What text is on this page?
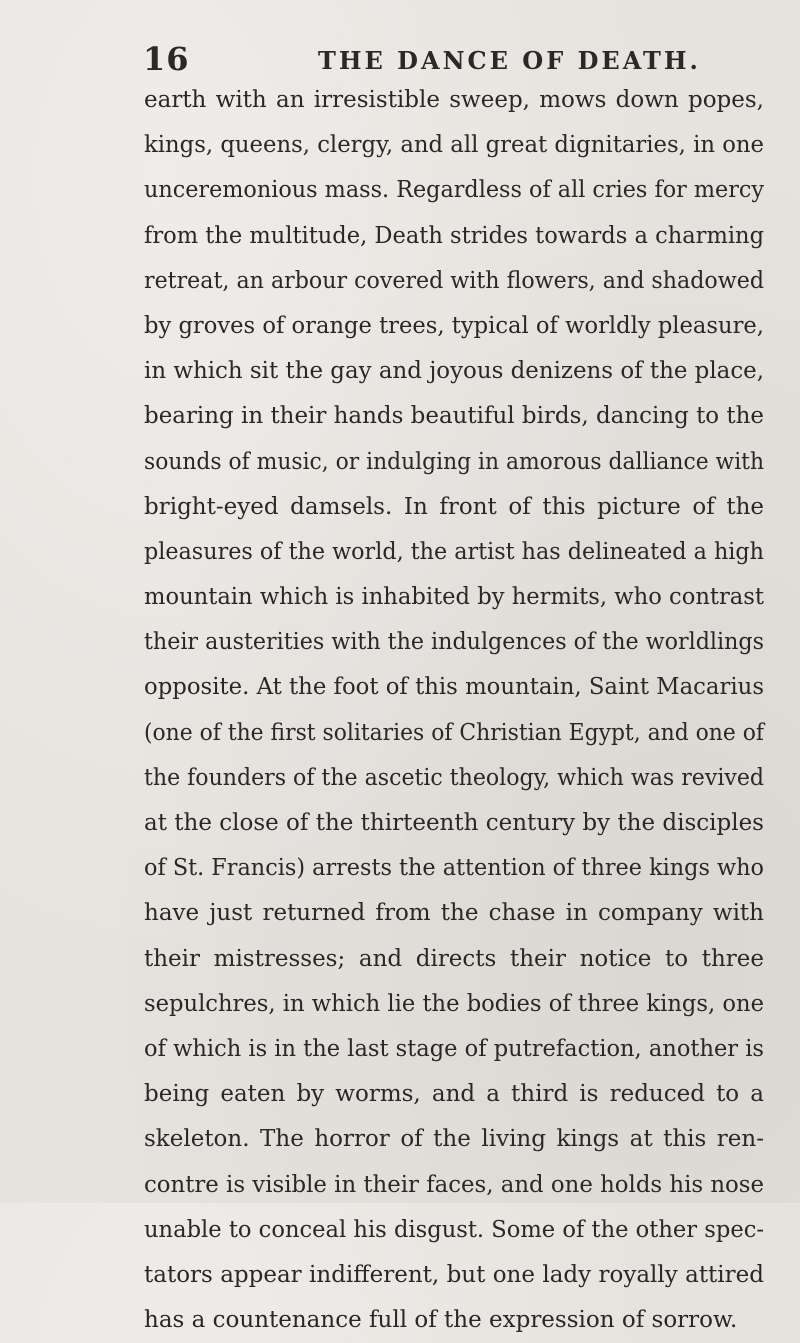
16	THE DANCE OF DEATH.
earth with an irresistible sweep, mows down popes,
kings, queens, clergy, and all great dignitaries, in one
unceremonious mass. Regardless of all cries for mercy
from the multitude, Death strides towards a charming
retreat, an arbour covered with flowers, and shadowed
by groves of orange trees, typical of worldly pleasure,
in which sit the gay and joyous denizens of the place,
bearing in their hands beautiful birds, dancing to the
sounds of music, or indulging in amorous dalliance with
bright-eyed damsels. In front of this picture of the
pleasures of the world, the artist has delineated a high
mountain which is inhabited by hermits, who contrast
their austerities with the indulgences of the worldlings
opposite. At the foot of this mountain, Saint Macarius
(one of the first solitaries of Christian Egypt, and one of
the founders of the ascetic theology, which was revived
at the close of the thirteenth century by the disciples
of St. Francis) arrests the attention of three kings who
have just returned from the chase in company with
their mistresses; and directs their notice to three
sepulchres, in which lie the bodies of three kings, one
of which is in the last stage of putrefaction, another is
being eaten by worms, and a third is reduced to a
skeleton. The horror of the living kings at this ren-
contre is visible in their faces, and one holds his nose
unable to conceal his disgust. Some of the other spec-
tators appear indifferent, but one lady royally attired
has a countenance full of the expression of sorrow.
